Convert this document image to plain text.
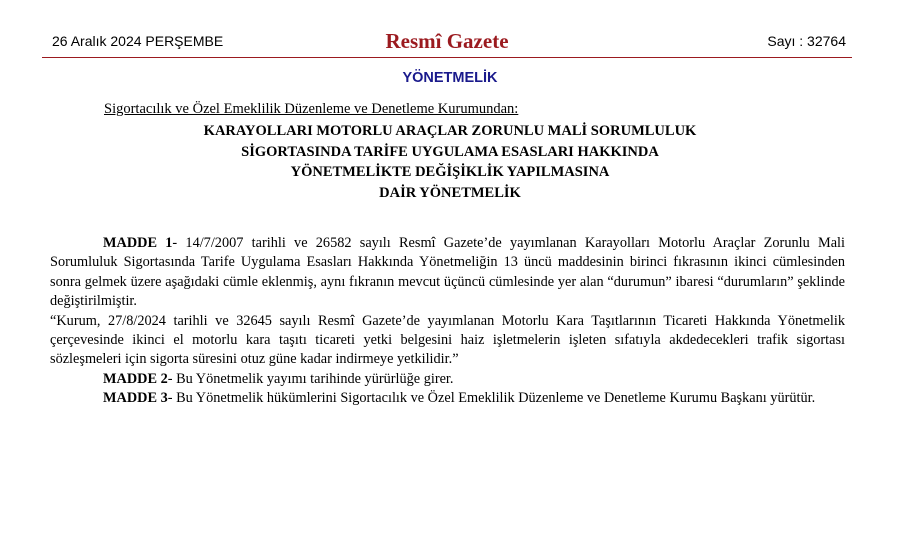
26 Aralık 2024 PERŞEMBE	Resmî Gazete	Sayı : 32764
YÖNETMELİK
Sigortacılık ve Özel Emeklilik Düzenleme ve Denetleme Kurumundan:
KARAYOLLARI MOTORLU ARAÇLAR ZORUNLU MALİ SORUMLULUK
SİGORTASINDA TARİFE UYGULAMA ESASLARI HAKKINDA
YÖNETMELİKTE DEĞİŞİKLİK YAPILMASINA
DAİR YÖNETMELİK

MADDE 1- 14/7/2007 tarihli ve 26582 sayılı Resmî Gazete’de yayımlanan Karayolları Motorlu Araçlar Zorunlu Mali Sorumluluk Sigortasında Tarife Uygulama Esasları Hakkında Yönetmeliğin 13 üncü maddesinin birinci fıkrasının ikinci cümlesinden sonra gelmek üzere aşağıdaki cümle eklenmiş, aynı fıkranın mevcut üçüncü cümlesinde yer alan “durumun” ibaresi “durumların” şeklinde değiştirilmiştir.

“Kurum, 27/8/2024 tarihli ve 32645 sayılı Resmî Gazete’de yayımlanan Motorlu Kara Taşıtlarının Ticareti Hakkında Yönetmelik çerçevesinde ikinci el motorlu kara taşıtı ticareti yetki belgesini haiz işletmelerin işleten sıfatıyla akdedecekleri trafik sigortası sözleşmeleri için sigorta süresini otuz güne kadar indirmeye yetkilidir.”

MADDE 2- Bu Yönetmelik yayımı tarihinde yürürlüğe girer.

MADDE 3- Bu Yönetmelik hükümlerini Sigortacılık ve Özel Emeklilik Düzenleme ve Denetleme Kurumu Başkanı yürütür.
